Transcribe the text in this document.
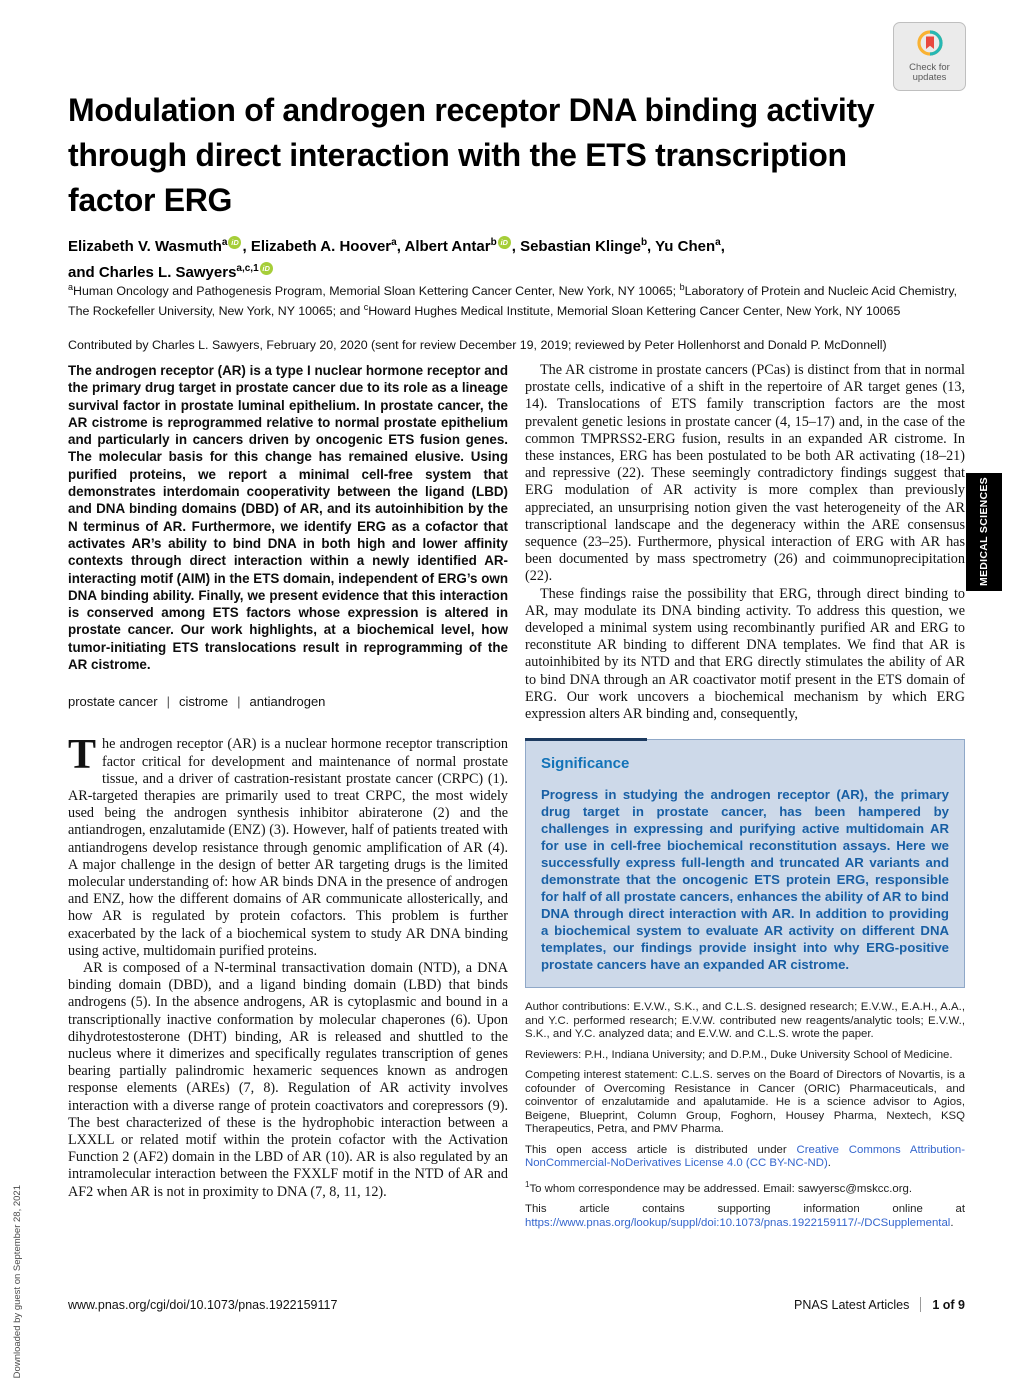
Check for
updates
Modulation of androgen receptor DNA binding activity
through direct interaction with the ETS transcription
factor ERG
Elizabeth V. Wasmuth$^a$ iD , Elizabeth A. Hoover$^a$, Albert Antar$^b$ iD , Sebastian Klinge$^b$, Yu Chen$^a$,
and Charles L. Sawyers$^{a,c,1}$ iD
$^a$Human Oncology and Pathogenesis Program, Memorial Sloan Kettering Cancer Center, New York, NY 10065; $^b$Laboratory of Protein and Nucleic Acid Chemistry, The Rockefeller University, New York, NY 10065; and $^c$Howard Hughes Medical Institute, Memorial Sloan Kettering Cancer Center, New York, NY 10065
Contributed by Charles L. Sawyers, February 20, 2020 (sent for review December 19, 2019; reviewed by Peter Hollenhorst and Donald P. McDonnell)
The androgen receptor (AR) is a type I nuclear hormone receptor and the primary drug target in prostate cancer due to its role as a lineage survival factor in prostate luminal epithelium. In prostate cancer, the AR cistrome is reprogrammed relative to normal prostate epithelium and particularly in cancers driven by oncogenic ETS fusion genes. The molecular basis for this change has remained elusive. Using purified proteins, we report a minimal cell-free system that demonstrates interdomain cooperativity between the ligand (LBD) and DNA binding domains (DBD) of AR, and its autoinhibition by the N terminus of AR. Furthermore, we identify ERG as a cofactor that activates AR’s ability to bind DNA in both high and lower affinity contexts through direct interaction within a newly identified AR-interacting motif (AIM) in the ETS domain, independent of ERG’s own DNA binding ability. Finally, we present evidence that this interaction is conserved among ETS factors whose expression is altered in prostate cancer. Our work highlights, at a biochemical level, how tumor-initiating ETS translocations result in reprogramming of the AR cistrome.
prostate cancer | cistrome | antiandrogen

The androgen receptor (AR) is a nuclear hormone receptor transcription factor critical for development and maintenance of normal prostate tissue, and a driver of castration-resistant prostate cancer (CRPC) (1). AR-targeted therapies are primarily used to treat CRPC, the most widely used being the androgen synthesis inhibitor abiraterone (2) and the antiandrogen, enzalutamide (ENZ) (3). However, half of patients treated with antiandrogens develop resistance through genomic amplification of AR (4). A major challenge in the design of better AR targeting drugs is the limited molecular understanding of: how AR binds DNA in the presence of androgen and ENZ, how the different domains of AR communicate allosterically, and how AR is regulated by protein cofactors. This problem is further exacerbated by the lack of a biochemical system to study AR DNA binding using active, multidomain purified proteins.

AR is composed of a N-terminal transactivation domain (NTD), a DNA binding domain (DBD), and a ligand binding domain (LBD) that binds androgens (5). In the absence androgens, AR is cytoplasmic and bound in a transcriptionally inactive conformation by molecular chaperones (6). Upon dihydrotestosterone (DHT) binding, AR is released and shuttled to the nucleus where it dimerizes and specifically regulates transcription of genes bearing partially palindromic hexameric sequences known as androgen response elements (AREs) (7, 8). Regulation of AR activity involves interaction with a diverse range of protein coactivators and corepressors (9). The best characterized of these is the hydrophobic interaction between a LXXLL or related motif within the protein cofactor with the Activation Function 2 (AF2) domain in the LBD of AR (10). AR is also regulated by an intramolecular interaction between the FXXLF motif in the NTD of AR and AF2 when AR is not in proximity to DNA (7, 8, 11, 12).

The AR cistrome in prostate cancers (PCas) is distinct from that in normal prostate cells, indicative of a shift in the repertoire of AR target genes (13, 14). Translocations of ETS family transcription factors are the most prevalent genetic lesions in prostate cancer (4, 15–17) and, in the case of the common TMPRSS2-ERG fusion, results in an expanded AR cistrome. In these instances, ERG has been postulated to be both AR activating (18–21) and repressive (22). These seemingly contradictory findings suggest that ERG modulation of AR activity is more complex than previously appreciated, an unsurprising notion given the vast heterogeneity of the AR transcriptional landscape and the degeneracy within the ARE consensus sequence (23–25). Furthermore, physical interaction of ERG with AR has been documented by mass spectrometry (26) and coimmunoprecipitation (22).

These findings raise the possibility that ERG, through direct binding to AR, may modulate its DNA binding activity. To address this question, we developed a minimal system using recombinantly purified AR and ERG to reconstitute AR binding to different DNA templates. We find that AR is autoinhibited by its NTD and that ERG directly stimulates the ability of AR to bind DNA through an AR coactivator motif present in the ETS domain of ERG. Our work uncovers a biochemical mechanism by which ERG expression alters AR binding and, consequently,

Significance

Progress in studying the androgen receptor (AR), the primary drug target in prostate cancer, has been hampered by challenges in expressing and purifying active multidomain AR for use in cell-free biochemical reconstitution assays. Here we successfully express full-length and truncated AR variants and demonstrate that the oncogenic ETS protein ERG, responsible for half of all prostate cancers, enhances the ability of AR to bind DNA through direct interaction with AR. In addition to providing a biochemical system to evaluate AR activity on different DNA templates, our findings provide insight into why ERG-positive prostate cancers have an expanded AR cistrome.

Author contributions: E.V.W., S.K., and C.L.S. designed research; E.V.W., E.A.H., A.A., and Y.C. performed research; E.V.W. contributed new reagents/analytic tools; E.V.W., S.K., and Y.C. analyzed data; and E.V.W. and C.L.S. wrote the paper.

Reviewers: P.H., Indiana University; and D.P.M., Duke University School of Medicine.

Competing interest statement: C.L.S. serves on the Board of Directors of Novartis, is a cofounder of Overcoming Resistance in Cancer (ORIC) Pharmaceuticals, and coinventor of enzalutamide and apalutamide. He is a science advisor to Agios, Beigene, Blueprint, Column Group, Foghorn, Housey Pharma, Nextech, KSQ Therapeutics, Petra, and PMV Pharma.

This open access article is distributed under Creative Commons Attribution-NonCommercial-NoDerivatives License 4.0 (CC BY-NC-ND).

$^1$To whom correspondence may be addressed. Email: sawyersc@mskcc.org.

This article contains supporting information online at https://www.pnas.org/lookup/suppl/doi:10.1073/pnas.1922159117/-/DCSupplemental.

www.pnas.org/cgi/doi/10.1073/pnas.1922159117	PNAS Latest Articles 1 of 9
MEDICAL SCIENCES
Downloaded by guest on September 28, 2021
